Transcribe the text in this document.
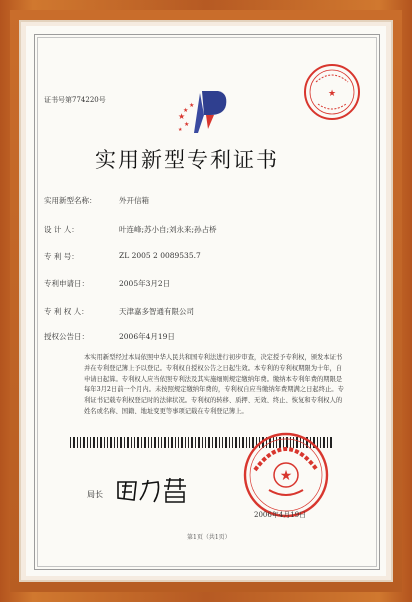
证书号第774220号
★
★
★
★
★
★
实用新型专利证书
实用新型名称：	外开信箱
设 计 人：	叶连峰;苏小自;刘永来;孙占桥
专 利 号：	ZL 2005 2 0089535.7
专利申请日：	2005年3月2日
专 利 权 人：	天津嘉多智通有限公司
授权公告日：	2006年4月19日
本实用新型经过本局依照中华人民共和国专利法进行初步审查，决定授予专利权，颁发本证书并在专利登记簿上予以登记。专利权自授权公告之日起生效。本专利的专利权期限为十年，自申请日起算。专利权人应当依照专利法及其实施细则规定缴纳年费。缴纳本专利年费的期限是每年3月2日前一个月内。未按照规定缴纳年费的，专利权自应当缴纳年费期满之日起终止。专利证书记载专利权登记时的法律状况。专利权的转移、质押、无效、终止、恢复和专利权人的姓名或名称、国籍、地址变更等事项记载在专利登记簿上。
局长
★
2006年4月19日
第1页（共1页）
